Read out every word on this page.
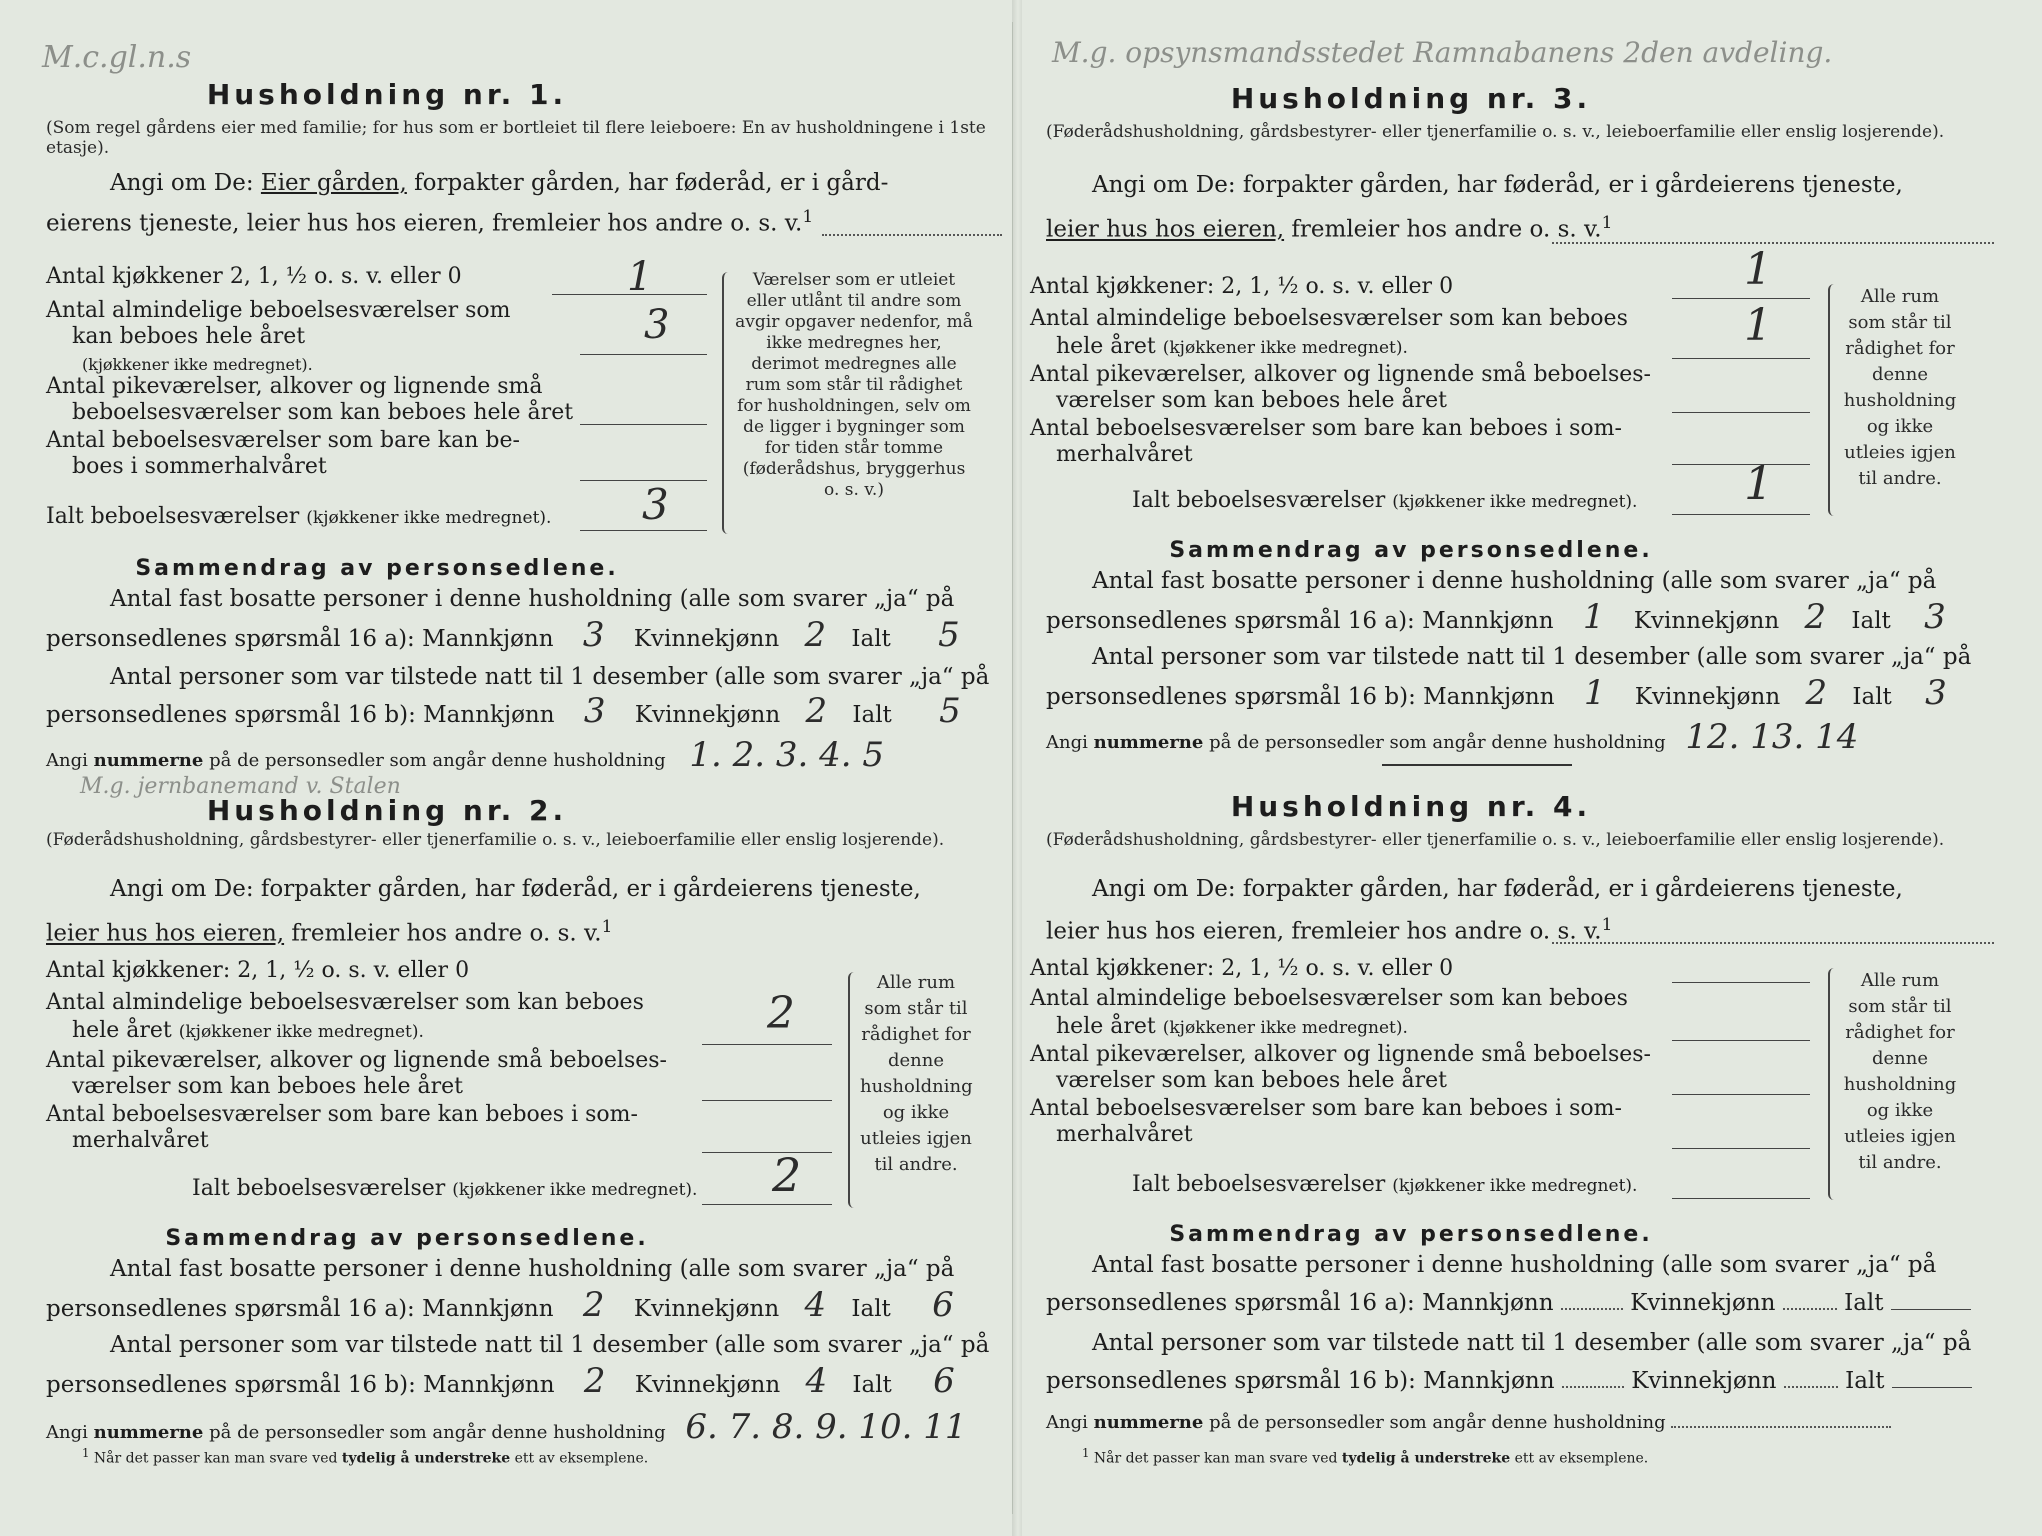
M.c.gl.n.s
Husholdning nr. 1.
(Som regel gårdens eier med familie; for hus som er bortleiet til flere leieboere: En av husholdningene i 1ste etasje).
Angi om De: Eier gården, forpakter gården, har føderåd, er i gård-
eierens tjeneste, leier hus hos eieren, fremleier hos andre o. s. v.$^1$
Antal kjøkkener 2, 1, ½ o. s. v. eller 0	1
Antal almindelige beboelsesværelser som
kan beboes hele året
(kjøkkener ikke medregnet).
3
Antal pikeværelser, alkover og lignende små
beboelsesværelser som kan beboes hele året
Antal beboelsesværelser som bare kan be-
boes i sommerhalvåret
Ialt beboelsesværelser (kjøkkener ikke medregnet). 3
Værelser som er utleiet eller utlånt til andre som avgir opgaver nedenfor, må ikke medregnes her, derimot medregnes alle rum som står til rådighet for husholdningen, selv om de ligger i bygninger som for tiden står tomme (føderådshus, bryggerhus o. s. v.)
Sammendrag av personsedlene.
Antal fast bosatte personer i denne husholdning (alle som svarer „ja“ på
personsedlenes spørsmål 16 a): Mannkjønn 3 Kvinnekjønn 2 Ialt 5
Antal personer som var tilstede natt til 1 desember (alle som svarer „ja“ på
personsedlenes spørsmål 16 b): Mannkjønn 3 Kvinnekjønn 2 Ialt 5
Angi nummerne på de personsedler som angår denne husholdning 1. 2. 3. 4. 5
M.g. jernbanemand v. Stalen
Husholdning nr. 2.
(Føderådshusholdning, gårdsbestyrer- eller tjenerfamilie o. s. v., leieboerfamilie eller enslig losjerende).
Angi om De: forpakter gården, har føderåd, er i gårdeierens tjeneste,
leier hus hos eieren, fremleier hos andre o. s. v.$^1$
Antal kjøkkener: 2, 1, ½ o. s. v. eller 0
Antal almindelige beboelsesværelser som kan beboes
hele året (kjøkkener ikke medregnet).	2
Antal pikeværelser, alkover og lignende små beboelses-
værelser som kan beboes hele året
Antal beboelsesværelser som bare kan beboes i som-
merhalvåret
Ialt beboelsesværelser (kjøkkener ikke medregnet). 2
Alle rum som står til rådighet for denne husholdning og ikke utleies igjen til andre.
Sammendrag av personsedlene.
Antal fast bosatte personer i denne husholdning (alle som svarer „ja“ på
personsedlenes spørsmål 16 a): Mannkjønn 2 Kvinnekjønn 4 Ialt 6
Antal personer som var tilstede natt til 1 desember (alle som svarer „ja“ på
personsedlenes spørsmål 16 b): Mannkjønn 2 Kvinnekjønn 4 Ialt 6
Angi nummerne på de personsedler som angår denne husholdning 6. 7. 8. 9. 10. 11
$^1$ Når det passer kan man svare ved tydelig å understreke ett av eksemplene.
M.g. opsynsmandsstedet Ramnabanens 2den avdeling.
Husholdning nr. 3.
(Føderådshusholdning, gårdsbestyrer- eller tjenerfamilie o. s. v., leieboerfamilie eller enslig losjerende).
Angi om De: forpakter gården, har føderåd, er i gårdeierens tjeneste,
leier hus hos eieren, fremleier hos andre o. s. v.$^1$
Antal kjøkkener: 2, 1, ½ o. s. v. eller 0	1
Antal almindelige beboelsesværelser som kan beboes
hele året (kjøkkener ikke medregnet).	1
Antal pikeværelser, alkover og lignende små beboelses-
værelser som kan beboes hele året
Antal beboelsesværelser som bare kan beboes i som-
merhalvåret
Ialt beboelsesværelser (kjøkkener ikke medregnet). 1
Alle rum som står til rådighet for denne husholdning og ikke utleies igjen til andre.
Sammendrag av personsedlene.
Antal fast bosatte personer i denne husholdning (alle som svarer „ja“ på
personsedlenes spørsmål 16 a): Mannkjønn 1 Kvinnekjønn 2 Ialt 3
Antal personer som var tilstede natt til 1 desember (alle som svarer „ja“ på
personsedlenes spørsmål 16 b): Mannkjønn 1 Kvinnekjønn 2 Ialt 3
Angi nummerne på de personsedler som angår denne husholdning 12. 13. 14
Husholdning nr. 4.
(Føderådshusholdning, gårdsbestyrer- eller tjenerfamilie o. s. v., leieboerfamilie eller enslig losjerende).
Angi om De: forpakter gården, har føderåd, er i gårdeierens tjeneste,
leier hus hos eieren, fremleier hos andre o. s. v.$^1$
Antal kjøkkener: 2, 1, ½ o. s. v. eller 0
Antal almindelige beboelsesværelser som kan beboes
hele året (kjøkkener ikke medregnet).
Antal pikeværelser, alkover og lignende små beboelses-
værelser som kan beboes hele året
Antal beboelsesværelser som bare kan beboes i som-
merhalvåret
Ialt beboelsesværelser (kjøkkener ikke medregnet).
Alle rum som står til rådighet for denne husholdning og ikke utleies igjen til andre.
Sammendrag av personsedlene.
Antal fast bosatte personer i denne husholdning (alle som svarer „ja“ på
personsedlenes spørsmål 16 a): Mannkjønn	Kvinnekjønn	Ialt
Antal personer som var tilstede natt til 1 desember (alle som svarer „ja“ på
personsedlenes spørsmål 16 b): Mannkjønn	Kvinnekjønn	Ialt
Angi nummerne på de personsedler som angår denne husholdning
$^1$ Når det passer kan man svare ved tydelig å understreke ett av eksemplene.
